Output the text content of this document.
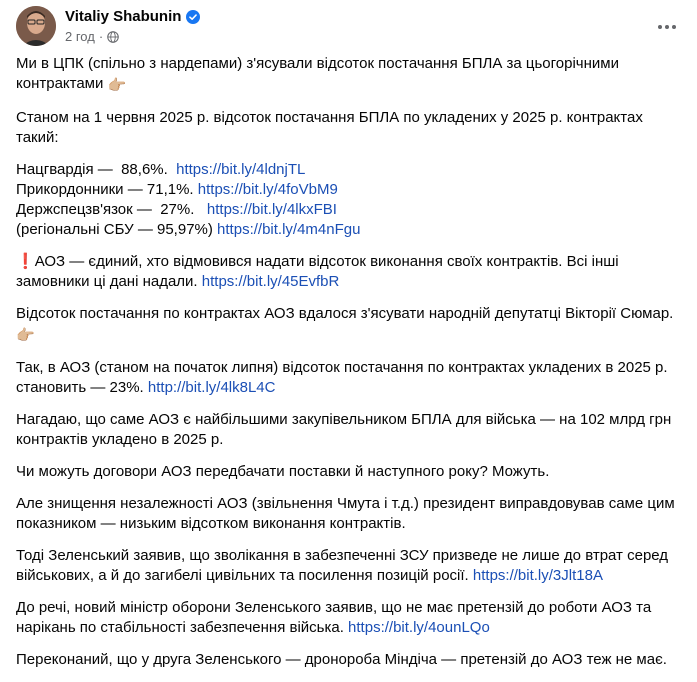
Vitaliy Shabunin
2 год ·

Ми в ЦПК (спільно з нардепами) з'ясували відсоток постачання БПЛА за цьогорічними контрактами 👉🏼

Станом на 1 червня 2025 р. відсоток постачання БПЛА по укладених у 2025 р. контрактах такий:

Нацгвардія —  88,6%.  https://bit.ly/4ldnjTL

Прикордонники — 71,1%. https://bit.ly/4foVbM9

Держспецзв'язок —  27%.   https://bit.ly/4lkxFBI

(регіональні СБУ — 95,97%) https://bit.ly/4m4nFgu

❗АОЗ — єдиний, хто відмовився надати відсоток виконання своїх контрактів. Всі інші замовники ці дані надали. https://bit.ly/45EvfbR

Відсоток постачання по контрактах АОЗ вдалося з'ясувати народній депутатці Вікторії Сюмар. 👉🏼

Так, в АОЗ (станом на початок липня) відсоток постачання по контрактах укладених в 2025 р. становить — 23%. http://bit.ly/4lk8L4C

Нагадаю, що саме АОЗ є найбільшими закупівельником БПЛА для війська — на 102 млрд грн контрактів укладено в 2025 р.

Чи можуть договори АОЗ передбачати поставки й наступного року? Можуть.

Але знищення незалежності АОЗ (звільнення Чмута і т.д.) президент виправдовував саме цим показником — низьким відсотком виконання контрактів.

Тоді Зеленський заявив, що зволікання в забезпеченні ЗСУ призведе не лише до втрат серед військових, а й до загибелі цивільних та посилення позицій росії. https://bit.ly/3Jlt18A

До речі, новий міністр оборони Зеленського заявив, що не має претензій до роботи АОЗ та нарікань по стабільності забезпечення війська. https://bit.ly/4ounLQo

Переконаний, що у друга Зеленського — дроноробa Міндіча — претензій до АОЗ теж не має.
